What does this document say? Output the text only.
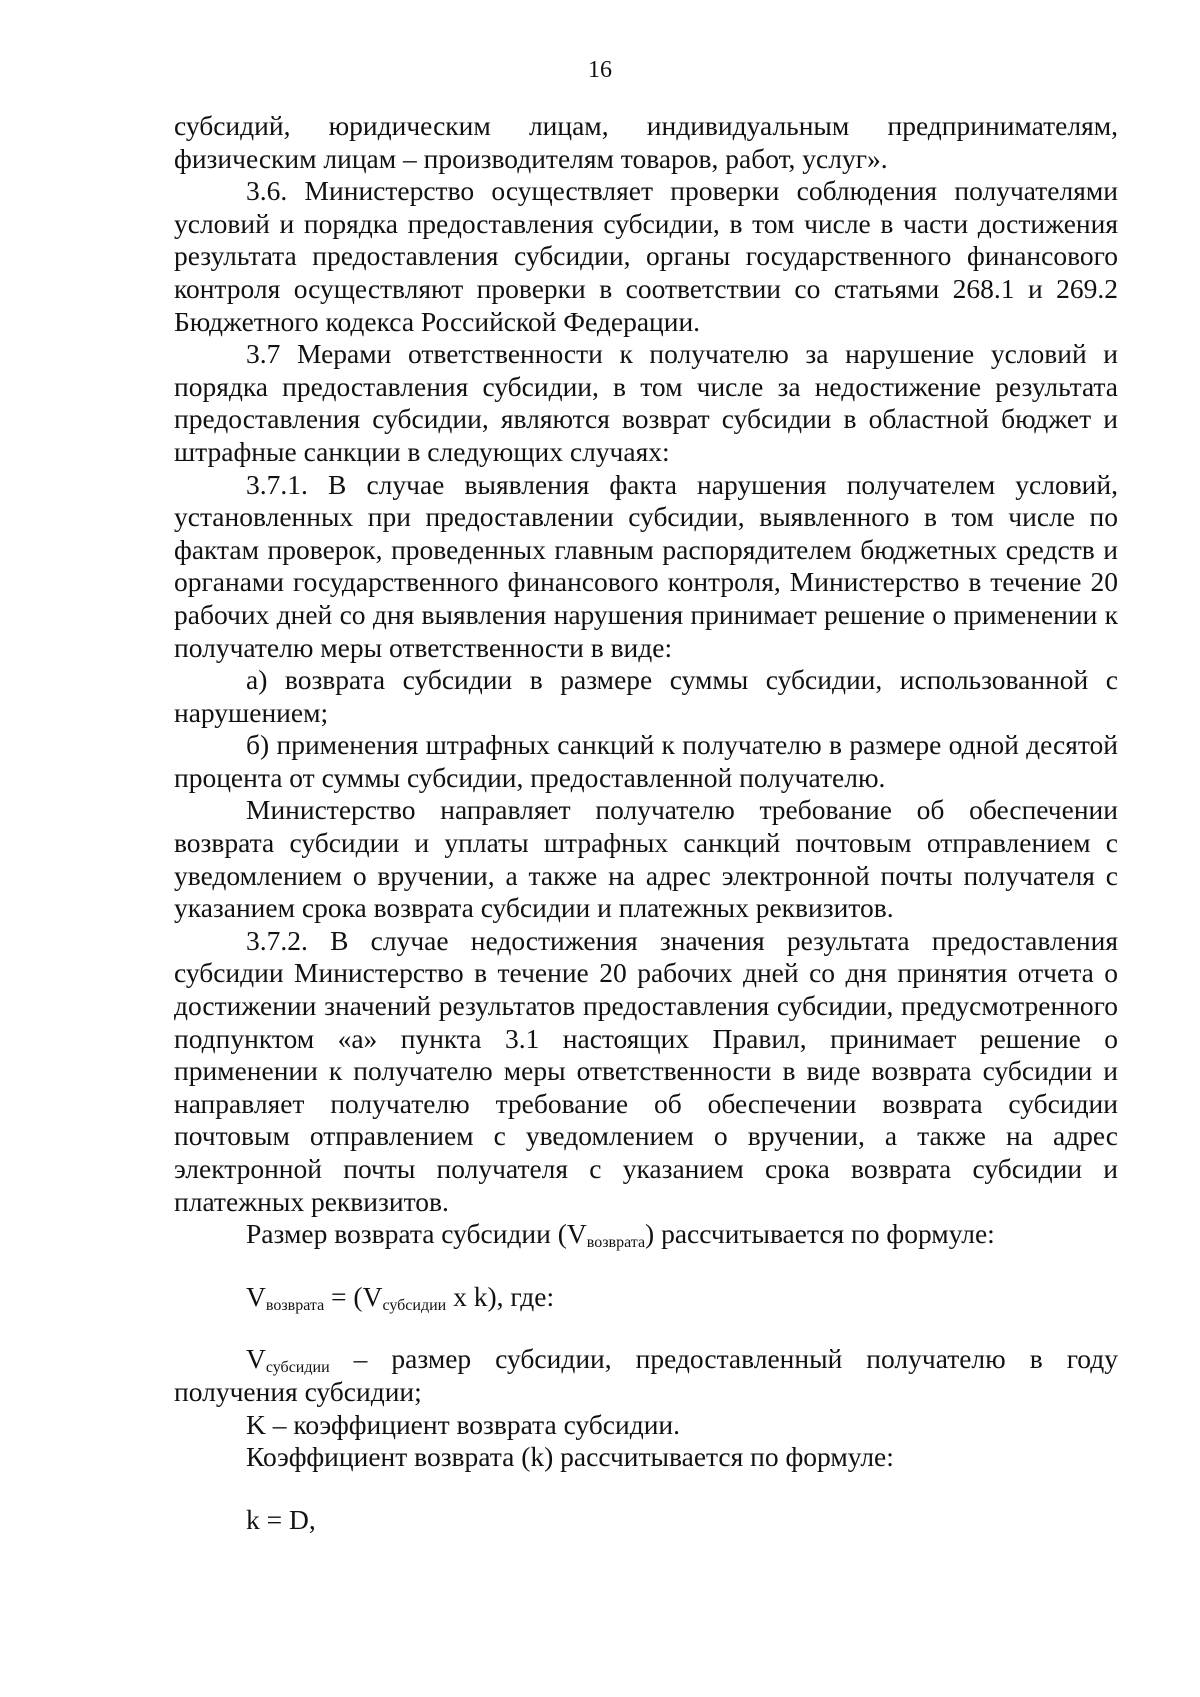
16

субсидий, юридическим лицам, индивидуальным предпринимателям, физическим лицам – производителям товаров, работ, услуг».

3.6. Министерство осуществляет проверки соблюдения получателями условий и порядка предоставления субсидии, в том числе в части достижения результата предоставления субсидии, органы государственного финансового контроля осуществляют проверки в соответствии со статьями 268.1 и 269.2 Бюджетного кодекса Российской Федерации.

3.7 Мерами ответственности к получателю за нарушение условий и порядка предоставления субсидии, в том числе за недостижение результата предоставления субсидии, являются возврат субсидии в областной бюджет и штрафные санкции в следующих случаях:

3.7.1. В случае выявления факта нарушения получателем условий, установленных при предоставлении субсидии, выявленного в том числе по фактам проверок, проведенных главным распорядителем бюджетных средств и органами государственного финансового контроля, Министерство в течение 20 рабочих дней со дня выявления нарушения принимает решение о применении к получателю меры ответственности в виде:

а) возврата субсидии в размере суммы субсидии, использованной с нарушением;

б) применения штрафных санкций к получателю в размере одной десятой процента от суммы субсидии, предоставленной получателю.

Министерство направляет получателю требование об обеспечении возврата субсидии и уплаты штрафных санкций почтовым отправлением с уведомлением о вручении, а также на адрес электронной почты получателя с указанием срока возврата субсидии и платежных реквизитов.

3.7.2. В случае недостижения значения результата предоставления субсидии Министерство в течение 20 рабочих дней со дня принятия отчета о достижении значений результатов предоставления субсидии, предусмотренного подпунктом «а» пункта 3.1 настоящих Правил, принимает решение о применении к получателю меры ответственности в виде возврата субсидии и направляет получателю требование об обеспечении возврата субсидии почтовым отправлением с уведомлением о вручении, а также на адрес электронной почты получателя с указанием срока возврата субсидии и платежных реквизитов.

Размер возврата субсидии $(V_{возврата})$ рассчитывается по формуле:

$V_{возврата} = (V_{субсидии}$ x k), где:

$V_{субсидии}$ – размер субсидии, предоставленный получателю в году получения субсидии;

K – коэффициент возврата субсидии.

Коэффициент возврата (k) рассчитывается по формуле:

k = D,
